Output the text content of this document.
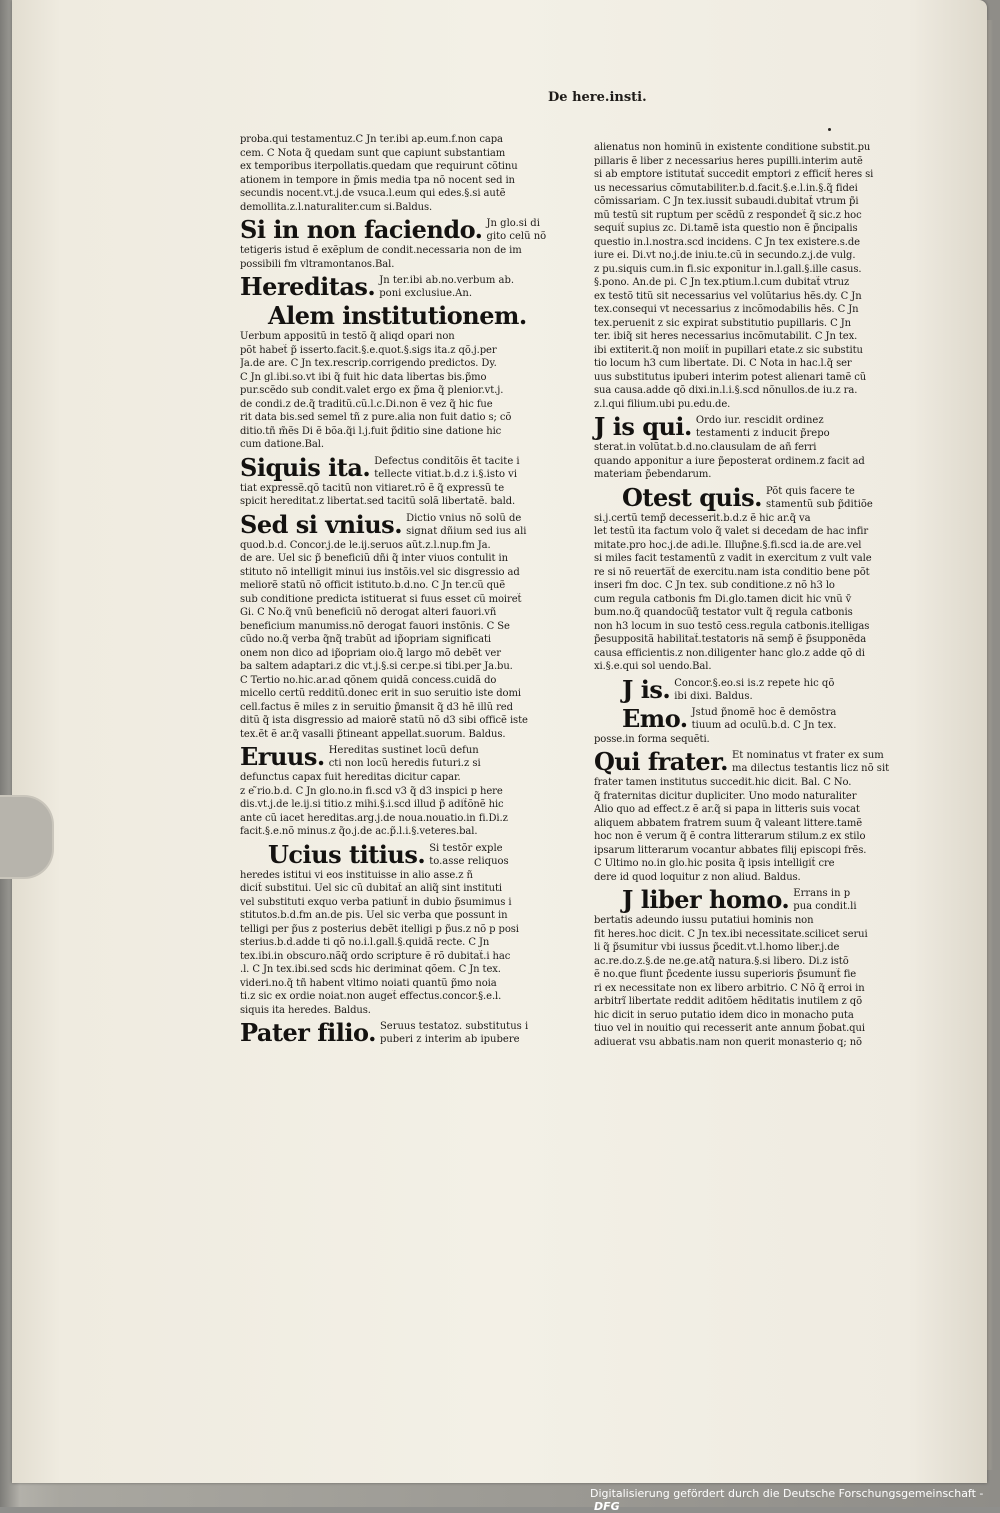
De here.insti.
proba.qui testamentuz.C Jn ter.ibi ap.eum.f.non capa
cem. C Nota q̃ quedam sunt que capiunt substantiam
ex temporibus iterpollatis.quedam que requirunt cõtinu
ationem in tempore in p̃mis media tpa nõ nocent sed in
secundis nocent.vt.j.de vsuca.l.eum qui edes.§.si autẽ
demollita.z.l.naturaliter.cum si.Baldus.
Si in non faciendo. Jn glo.si di
gito celũ nõ
tetigeris istud ẽ exẽplum de condit.necessaria non de im
possibili fm vltramontanos.Bal.
Hereditas. Jn ter.ibi ab.no.verbum ab.
poni exclusiue.An.
Alem institutionem.
Uerbum appositũ in testõ q̃ aliqd opari non
põt habet̃ p̃ isserto.facit.§.e.quot.§.sigs ita.z qõ.j.per
Ja.de are. C Jn tex.rescrip.corrigendo predictos. Dy.
C Jn gl.ibi.so.vt ibi q̃ fuit hic data libertas bis.p̃mo
pur.scẽdo sub condit.valet ergo ex p̃ma q̃ plenior.vt.j.
de condi.z de.q̃ traditũ.cũ.l.c.Di.non ẽ vez q̃ hic fue
rit data bis.sed semel tñ z pure.alia non fuit datio s; cõ
ditio.tñ m̃ẽs Di ẽ bõa.q̃i l.j.fuit p̃ditio sine datione hic
cum datione.Bal.
Siquis ita. Defectus conditõis ẽt tacite i
tellecte vitiat.b.d.z i.§.isto vi
tiat expressẽ.qõ tacitũ non vitiaret.rõ ẽ q̃ expressũ te
spicit hereditat.z libertat.sed tacitũ solã libertatẽ. bald.
Sed si vnius. Dictio vnius nõ solũ de
signat dñium sed ius ali
quod.b.d. Concor.j.de le.ij.seruos aũt.z.l.nup.fm Ja.
de are. Uel sic p̃ beneficiũ dñi q̃ inter viuos contulit in
stituto nõ intelligit minui ius instõis.vel sic disgressio ad
meliorẽ statũ nõ officit istituto.b.d.no. C Jn ter.cũ quẽ
sub conditione predicta istituerat si fuus esset cũ moiret̃
Gi. C No.q̃ vnũ beneficiũ nõ derogat alteri fauori.vñ
beneficium manumiss.nõ derogat fauori instõnis. C Se
cũdo no.q̃ verba q̃nq̃ trabũt ad ip̃opriam significati
onem non dico ad ip̃opriam oio.q̃ largo mõ debẽt ver
ba saltem adaptari.z dic vt.j.§.si cer.pe.si tibi.per Ja.bu.
C Tertio no.hic.ar.ad qõnem quidã concess.cuidã do
micello certũ redditũ.donec erit in suo seruitio iste domi
cell.factus ẽ miles z in seruitio p̃mansit q̃ d3 hẽ illũ red
ditũ q̃ ista disgressio ad maiorẽ statũ nõ d3 sibi officẽ iste
tex.ẽt ẽ ar.q̃ vasalli p̃tineant appellat.suorum. Baldus.
Eruus. Hereditas sustinet locũ defun
cti non locũ heredis futuri.z si
defunctus capax fuit hereditas dicitur capar.
z e ̃rio.b.d. C Jn glo.no.in fi.scd v3 q̃ d3 inspici p here
dis.vt.j.de le.ij.si titio.z mihi.§.i.scd illud p̃ adit̃õnẽ hic
ante cũ iacet hereditas.arg.j.de noua.nouatio.in fi.Di.z
facit.§.e.nõ minus.z q̃o.j.de ac.p̃.l.i.§.veteres.bal.
Ucius titius. Si testõr exple
to.asse reliquos
heredes istitui vi eos instituisse in alio asse.z ñ
dicit̃ substitui. Uel sic cũ dubitat̃ an aliq̃ sint instituti
vel substituti exquo verba patiunt̃ in dubio p̃sumimus i
stitutos.b.d.fm an.de pis. Uel sic verba que possunt in
telligi per p̃us z posterius debẽt itelligi p p̃us.z nõ p posi
sterius.b.d.adde ti qõ no.i.l.gall.§.quidã recte. C Jn
tex.ibi.in obscuro.nãq̃ ordo scripture ẽ rõ dubitat̃.i hac
.l. C Jn tex.ibi.sed scds hic deriminat qõem. C Jn tex.
videri.no.q̃ tñ habent vltimo noiati quantũ p̃mo noia
ti.z sic ex ordie noiat.non auget̃ effectus.concor.§.e.l.
siquis ita heredes. Baldus.
Pater filio. Seruus testatoz. substitutus i
puberi z interim ab ipubere
alienatus non hominũ in existente conditione substit.pu
pillaris ẽ liber z necessarius heres pupilli.interim autẽ
si ab emptore istitutat̃ succedit emptori z efficit̃ heres si
us necessarius cõmutabiliter.b.d.facit.§.e.l.in.§.q̃ fidei
cõmissariam. C Jn tex.iussit subaudi.dubitat̃ vtrum p̃i
mũ testũ sit ruptum per scẽdũ z respondet̃ q̃ sic.z hoc
sequit̃ supius zc. Di.tamẽ ista questio non ẽ p̃ncipalis
questio in.l.nostra.scd incidens. C Jn tex existere.s.de
iure ei. Di.vt no.j.de iniu.te.cũ in secundo.z.j.de vulg.
z pu.siquis cum.in fi.sic exponitur in.l.gall.§.ille casus.
§.pono. An.de pi. C Jn tex.ptium.l.cum dubitat̃ vtruz
ex testõ titũ sit necessarius vel volũtarius hẽs.dy. C Jn
tex.consequi vt necessarius z incõmodabilis hẽs. C Jn
tex.peruenit z sic expirat substitutio pupillaris. C Jn
ter. ibiq̃ sit heres necessarius incõmutabilit. C Jn tex.
ibi extiterit.q̃ non moiit̃ in pupillari etate.z sic substitu
tio locum h3 cum libertate. Di. C Nota in hac.l.q̃ ser
uus substitutus ipuberi interim potest alienari tamẽ cũ
sua causa.adde qõ dixi.in.l.i.§.scd nõnullos.de iu.z ra.
z.l.qui filium.ubi pu.edu.de.
J is qui. Ordo iur. rescidit ordinez
testamenti z inducit p̃repo
sterat.in volũtat.b.d.no.clausulam de añ ferri
quando apponitur a iure p̃eposterat ordinem.z facit ad
materiam p̃ebendarum.
Otest quis. Põt quis facere te
stamentũ sub p̃ditiõe
si.j.certũ temp̃ decesserit.b.d.z ẽ hic ar.q̃ va
let testũ ita factum volo q̃ valet si decedam de hac infir
mitate.pro hoc.j.de adi.le. Illup̃ne.§.fi.scd ia.de are.vel
si miles facit testamentũ z vadit in exercitum z vult vale
re si nõ reuerta̅t̃ de exercitu.nam ista conditio bene põt
inseri fm doc. C Jn tex. sub conditione.z nõ h3 lo
cum regula catbonis fm Di.glo.tamen dicit hic vnũ v̄
bum.no.q̃ quandocũq̃ testator vult q̃ regula catbonis
non h3 locum in suo testõ cess.regula catbonis.itelligas
p̃esuppositã habilitat̃.testatoris nã semp̃ ẽ p̃supponẽda
causa efficientis.z non.diligenter hanc glo.z adde qõ di
xi.§.e.qui sol uendo.Bal.
J is. Concor.§.eo.si is.z repete hic qõ
ibi dixi. Baldus.
Emo. Jstud p̃nomẽ hoc ẽ demõstra
tiuum ad oculũ.b.d. C Jn tex.
posse.in forma sequẽti.
Qui frater. Et nominatus vt frater ex sum
ma dilectus testantis licz nõ sit
frater tamen institutus succedit.hic dicit. Bal. C No.
q̃ fraternitas dicitur dupliciter. Uno modo naturaliter
Alio quo ad effect.z ẽ ar.q̃ si papa in litteris suis vocat
aliquem abbatem fratrem suum q̃ valeant littere.tamẽ
hoc non ẽ verum q̃ ẽ contra litterarum stilum.z ex stilo
ipsarum litterarum vocantur abbates filij episcopi frẽs.
C Ultimo no.in glo.hic posita q̃ ipsis intelligit̃ cre
dere id quod loquitur z non aliud. Baldus.
J liber homo. Errans in p
pua condit.li
bertatis adeundo iussu putatiui hominis non
fit heres.hoc dicit. C Jn tex.ibi necessitate.scilicet serui
li q̃ p̃sumitur vbi iussus p̃cedit.vt.l.homo liber.j.de
ac.re.do.z.§.de ne.ge.atq̃ natura.§.si libero. Di.z istõ
ẽ no.que fiunt p̃cedente iussu superioris p̃sumunt̃ fie
ri ex necessitate non ex libero arbitrio. C Nõ q̃ erroi in
arbitrĩ libertate reddit aditõem hẽditatis inutilem z qõ
hic dicit in seruo putatio idem dico in monacho puta
tiuo vel in nouitio qui recesserit ante annum p̃obat.qui
adiuerat vsu abbatis.nam non querit monasterio q; nõ
Digitalisierung gefördert durch die Deutsche Forschungsgemeinschaft - DFG
